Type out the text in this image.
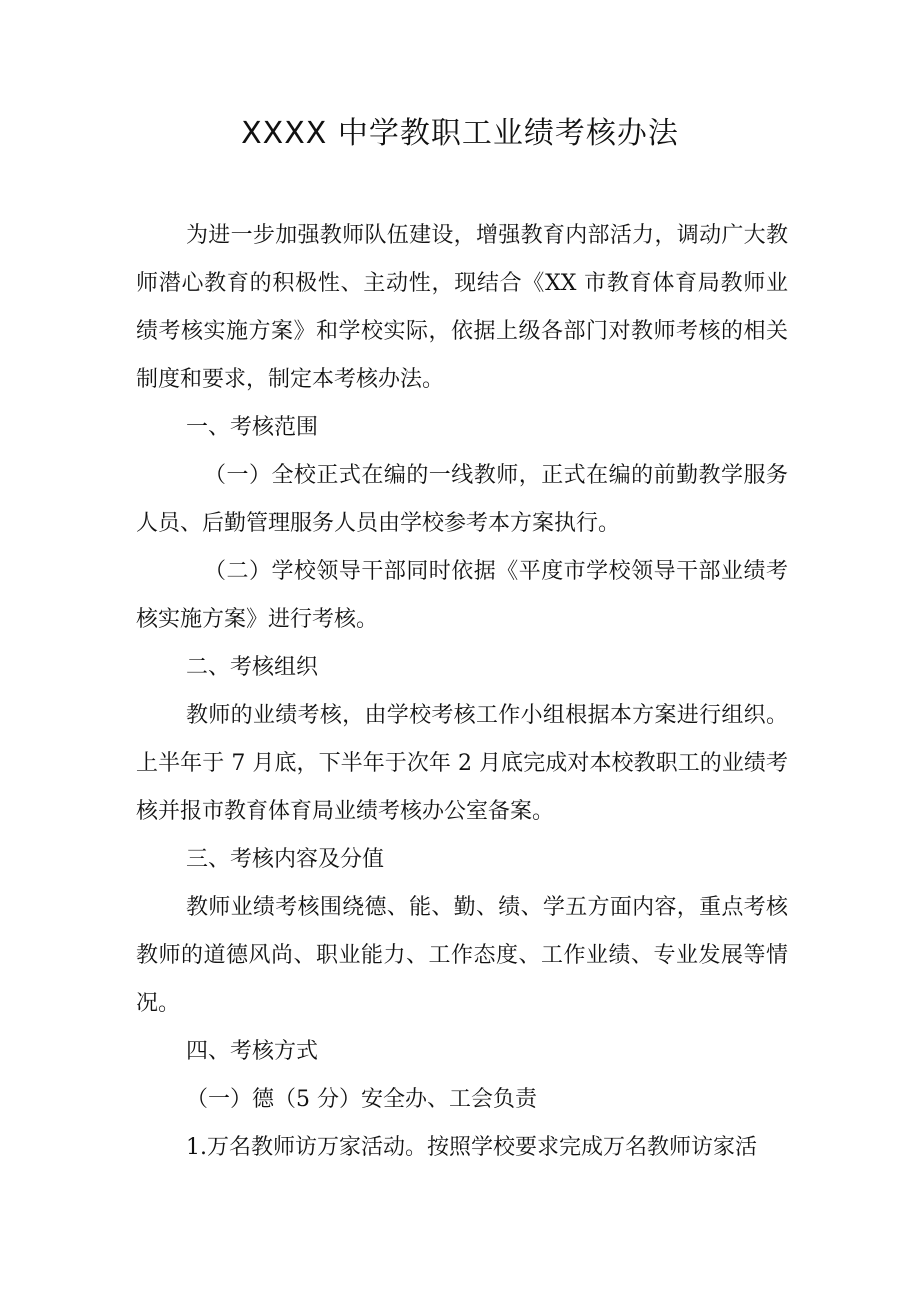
XXXX 中学教职工业绩考核办法

为进一步加强教师队伍建设，增强教育内部活力，调动广大教师潜心教育的积极性、主动性，现结合《XX 市教育体育局教师业绩考核实施方案》和学校实际，依据上级各部门对教师考核的相关制度和要求，制定本考核办法。

一、考核范围

（一）全校正式在编的一线教师，正式在编的前勤教学服务人员、后勤管理服务人员由学校参考本方案执行。

（二）学校领导干部同时依据《平度市学校领导干部业绩考核实施方案》进行考核。

二、考核组织

教师的业绩考核，由学校考核工作小组根据本方案进行组织。上半年于 7 月底，下半年于次年 2 月底完成对本校教职工的业绩考核并报市教育体育局业绩考核办公室备案。

三、考核内容及分值

教师业绩考核围绕德、能、勤、绩、学五方面内容，重点考核教师的道德风尚、职业能力、工作态度、工作业绩、专业发展等情况。

四、考核方式

（一）德（5 分）安全办、工会负责

1.万名教师访万家活动。按照学校要求完成万名教师访家活
